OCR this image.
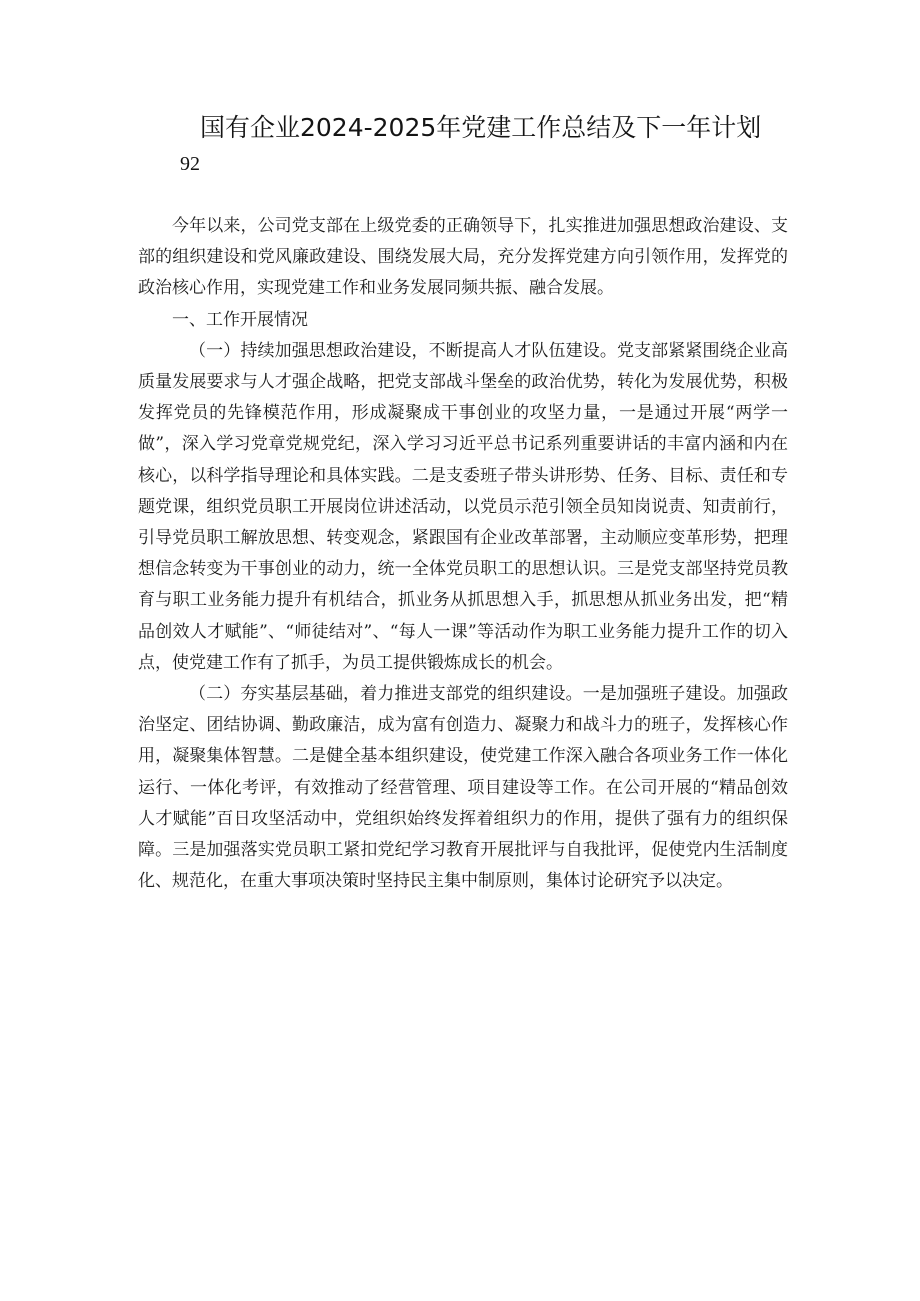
国有企业2024-2025年党建工作总结及下一年计划
92

今年以来，公司党支部在上级党委的正确领导下，扎实推进加强思想政治建设、支部的组织建设和党风廉政建设、围绕发展大局，充分发挥党建方向引领作用，发挥党的政治核心作用，实现党建工作和业务发展同频共振、融合发展。

一、工作开展情况

（一）持续加强思想政治建设，不断提高人才队伍建设。党支部紧紧围绕企业高质量发展要求与人才强企战略，把党支部战斗堡垒的政治优势，转化为发展优势，积极发挥党员的先锋模范作用，形成凝聚成干事创业的攻坚力量，一是通过开展“两学一做”，深入学习党章党规党纪，深入学习习近平总书记系列重要讲话的丰富内涵和内在核心，以科学指导理论和具体实践。二是支委班子带头讲形势、任务、目标、责任和专题党课，组织党员职工开展岗位讲述活动，以党员示范引领全员知岗说责、知责前行，引导党员职工解放思想、转变观念，紧跟国有企业改革部署，主动顺应变革形势，把理想信念转变为干事创业的动力，统一全体党员职工的思想认识。三是党支部坚持党员教育与职工业务能力提升有机结合，抓业务从抓思想入手，抓思想从抓业务出发，把“精品创效人才赋能”、“师徒结对”、“每人一课”等活动作为职工业务能力提升工作的切入点，使党建工作有了抓手，为员工提供锻炼成长的机会。

（二）夯实基层基础，着力推进支部党的组织建设。一是加强班子建设。加强政治坚定、团结协调、勤政廉洁，成为富有创造力、凝聚力和战斗力的班子，发挥核心作用，凝聚集体智慧。二是健全基本组织建设，使党建工作深入融合各项业务工作一体化运行、一体化考评，有效推动了经营管理、项目建设等工作。在公司开展的“精品创效人才赋能”百日攻坚活动中，党组织始终发挥着组织力的作用，提供了强有力的组织保障。三是加强落实党员职工紧扣党纪学习教育开展批评与自我批评，促使党内生活制度化、规范化，在重大事项决策时坚持民主集中制原则，集体讨论研究予以决定。
